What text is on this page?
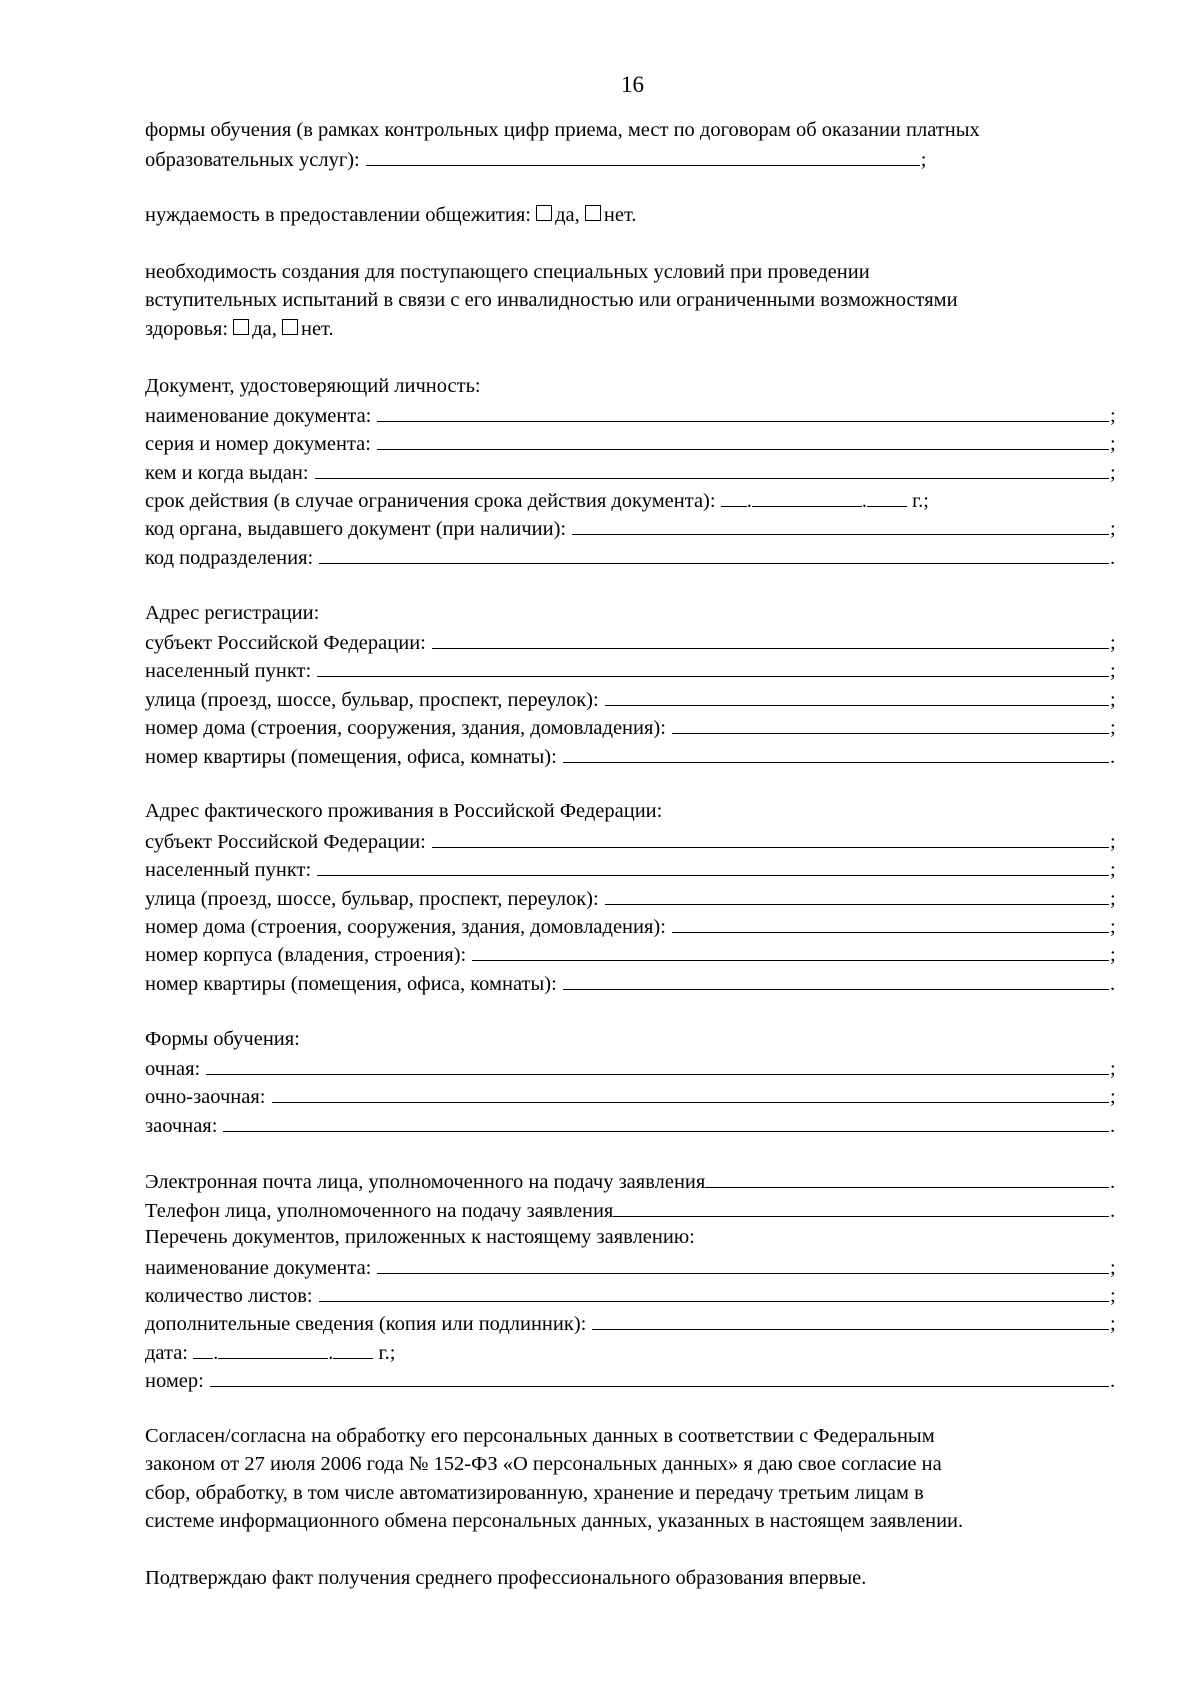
16
формы обучения (в рамках контрольных цифр приема, мест по договорам об оказании платных
образовательных услуг):	;
нуждаемость в предоставлении общежития:
да,
нет.
необходимость создания для поступающего специальных условий при проведении
вступительных испытаний в связи с его инвалидностью или ограниченными возможностями
здоровья:
да,
нет.
Документ, удостоверяющий личность:
наименование документа:	;
серия и номер документа:	;
кем и когда выдан:	;
срок действия (в случае ограничения срока действия документа):
.	.
г.;
код органа, выдавшего документ (при наличии):	;
код подразделения:	.
Адрес регистрации:
субъект Российской Федерации:	;
населенный пункт:	;
улица (проезд, шоссе, бульвар, проспект, переулок):	;
номер дома (строения, сооружения, здания, домовладения):	;
номер квартиры (помещения, офиса, комнаты):	.
Адрес фактического проживания в Российской Федерации:
субъект Российской Федерации:	;
населенный пункт:	;
улица (проезд, шоссе, бульвар, проспект, переулок):	;
номер дома (строения, сооружения, здания, домовладения):	;
номер корпуса (владения, строения):	;
номер квартиры (помещения, офиса, комнаты):	.
Формы обучения:
очная:	;
очно-заочная:	;
заочная:	.
Электронная почта лица, уполномоченного на подачу заявления	.
Телефон лица, уполномоченного на подачу заявления	.
Перечень документов, приложенных к настоящему заявлению:
наименование документа:	;
количество листов:	;
дополнительные сведения (копия или подлинник):	;
дата:
.	.
г.;
номер:	.
Согласен/согласна на обработку его персональных данных в соответствии с Федеральным
законом от 27 июля 2006 года № 152-ФЗ «О персональных данных» я даю свое согласие на
сбор, обработку, в том числе автоматизированную, хранение и передачу третьим лицам в
системе информационного обмена персональных данных, указанных в настоящем заявлении.
Подтверждаю факт получения среднего профессионального образования впервые.
